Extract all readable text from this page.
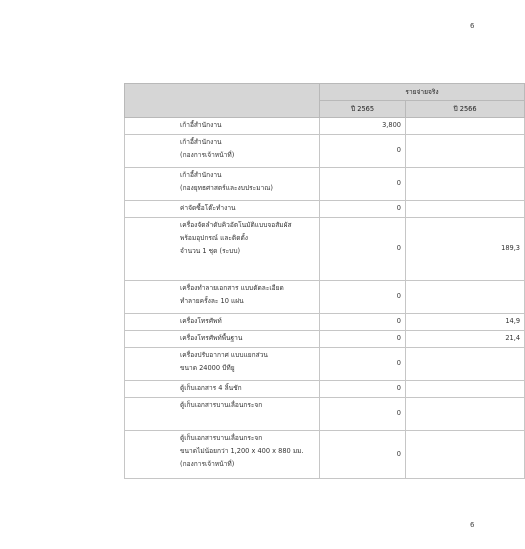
6
	รายจ่ายจริง	
	ปี 2565	ปี 2566

เก้าอี้สำนักงาน	3,800	

เก้าอี้สำนักงาน
(กองการเจ้าหน้าที่)	0	

เก้าอี้สำนักงาน
(กองยุทธศาสตร์และงบประมาณ)	0	

ค่าจัดซื้อโต๊ะทำงาน	0	

เครื่องจัดลำดับคิวอัตโนมัติแบบจอสัมผัส
พร้อมอุปกรณ์ และติดตั้ง
จำนวน 1 ชุด (ระบบ)	0	189,3

เครื่องทำลายเอกสาร แบบตัดละเอียด
ทำลายครั้งละ 10 แผ่น	0	

เครื่องโทรศัพท์	0	14,9

เครื่องโทรศัพท์พื้นฐาน	0	21,4

เครื่องปรับอากาศ แบบแยกส่วน
ขนาด 24000 บีทียู	0	

ตู้เก็บเอกสาร 4 ลิ้นชัก	0	

ตู้เก็บเอกสารบานเลื่อนกระจก	0	

ตู้เก็บเอกสารบานเลื่อนกระจก
ขนาดไม่น้อยกว่า 1,200 x 400 x 880 มม.
(กองการเจ้าหน้าที่)	0	
6
